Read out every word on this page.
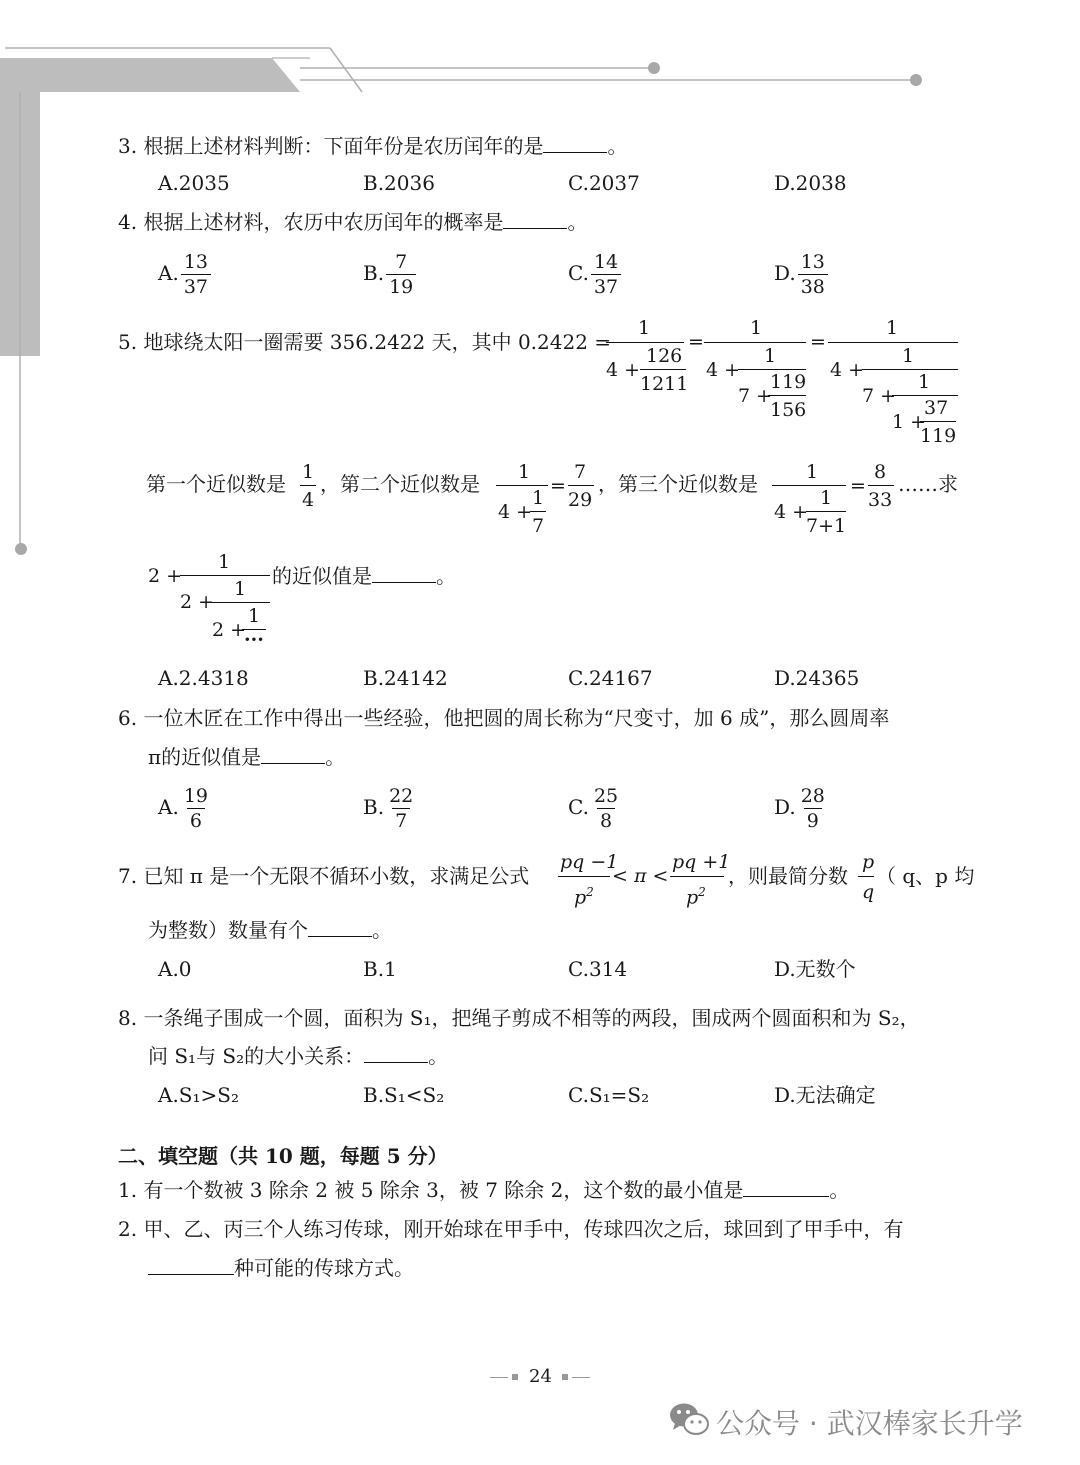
3. 根据上述材料判断：下面年份是农历闰年的是	。
A.2035	B.2036	C.2037	D.2038
4. 根据上述材料，农历中农历闰年的概率是	。
A. $\frac{13}{37}$	B. $\frac{7}{19}$	C. $\frac{14}{37}$	D. $\frac{13}{38}$
5. 地球绕太阳一圈需要 356.2422 天，其中 0.2422 =
1
4 +
126
1211
=
1
4 +
1
7 +
119
156
=
1
4 +
1
7 +
1
1 +
37
119
第一个近似数是 1
4
，第二个近似数是 1
4 +
1
7
=
7
29
，第三个近似数是	1
4 +
1
7+1
=
8
33
……求
2 +
1
2 +
1
2 +
1
···
的近似值是	。
A.2.4318	B.24142	C.24167	D.24365
6. 一位木匠在工作中得出一些经验，他把圆的周长称为“尺变寸，加 6 成”，那么圆周率
π的近似值是	。
A. $\frac{19}{6}$	B. $\frac{22}{7}$	C. $\frac{25}{8}$	D. $\frac{28}{9}$
7. 已知 π 是一个无限不循环小数，求满足公式
pq −1
$p^2$
< π <
pq +1
$p^2$
，则最简分数
p
q
（ q、p 均
为整数）数量有个	。
A.0	B.1	C.314	D.无数个
8. 一条绳子围成一个圆，面积为 S₁，把绳子剪成不相等的两段，围成两个圆面积和为 S₂，
问 S₁与 S₂的大小关系：	。
A.S₁>S₂	B.S₁<S₂	C.S₁=S₂	D.无法确定
二、填空题（共 10 题，每题 5 分）
1. 有一个数被 3 除余 2 被 5 除余 3，被 7 除余 2，这个数的最小值是	。
2. 甲、乙、丙三个人练习传球，刚开始球在甲手中，传球四次之后，球回到了甲手中，有
种可能的传球方式。
24
公众号 · 武汉棒家长升学
